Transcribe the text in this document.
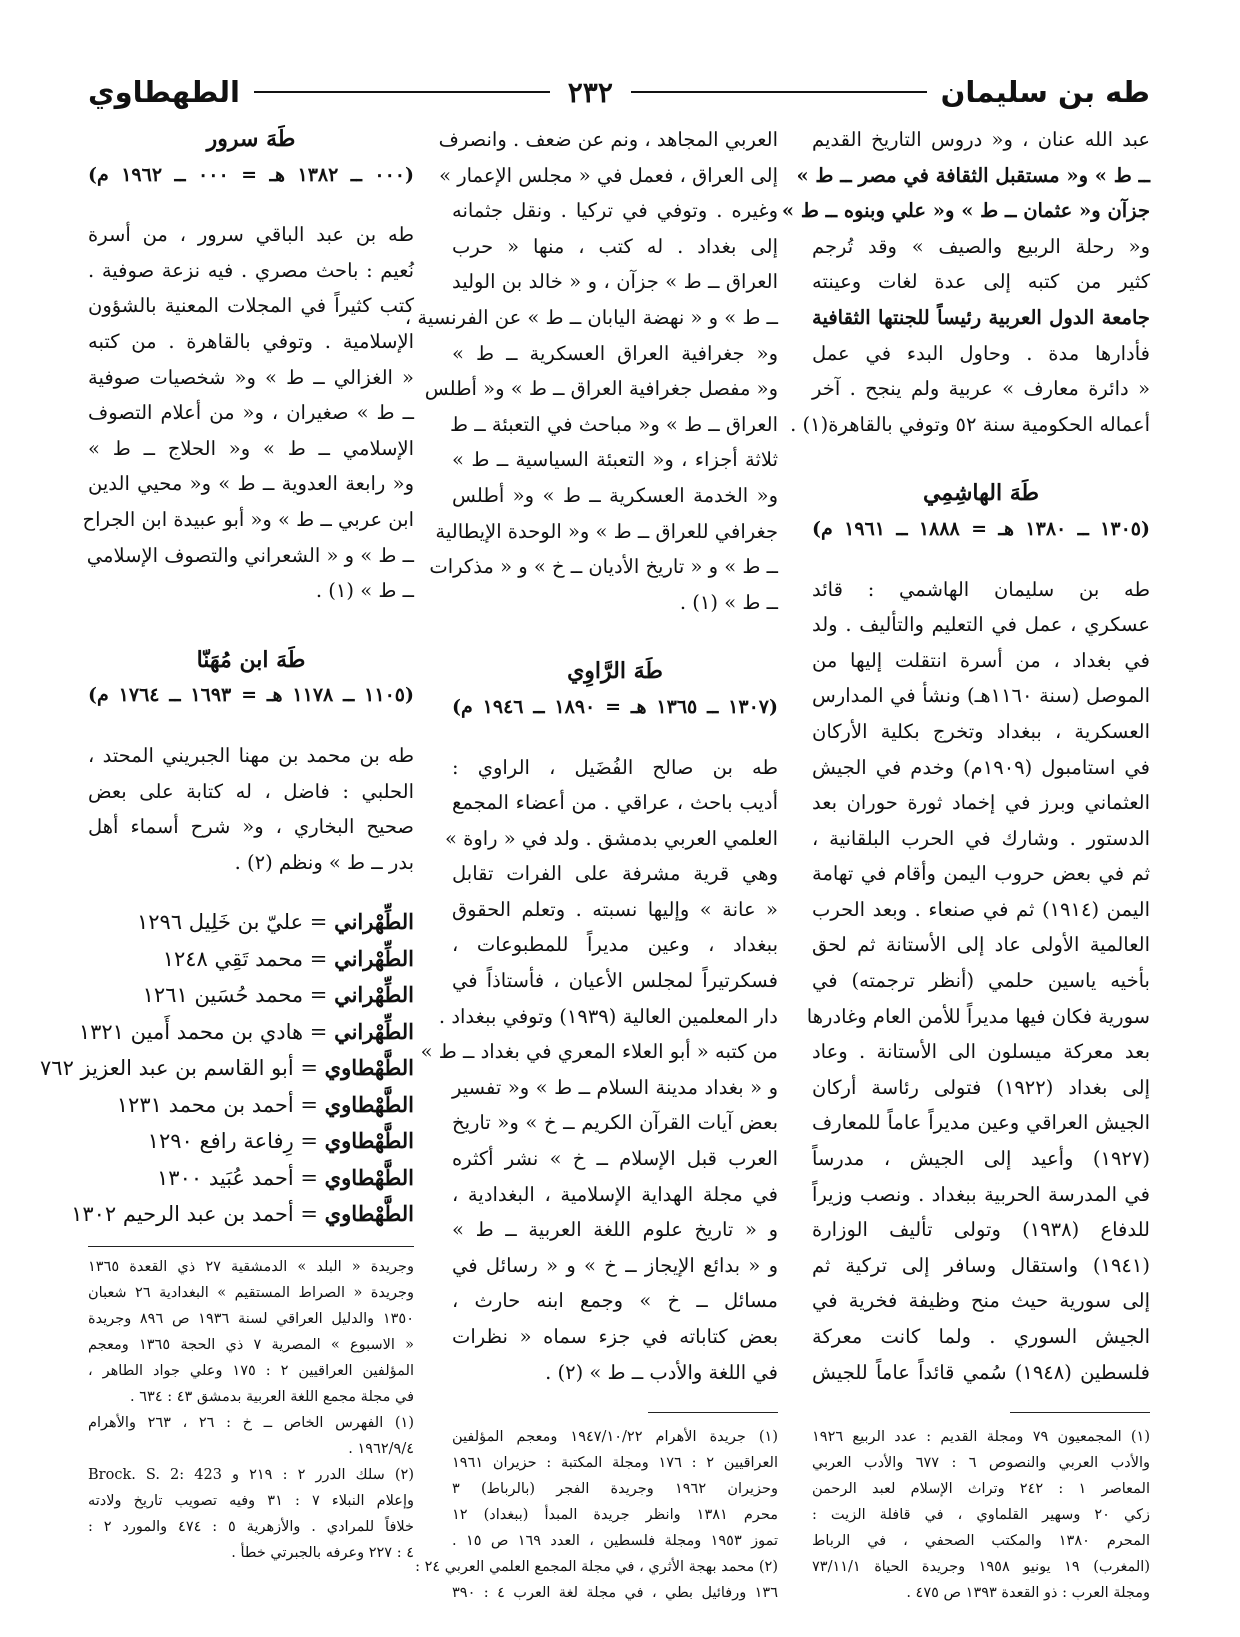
طه بن سليمان
٢٣٢
الطهطاوي
عبد الله عنان ، و« دروس التاريخ القديم
ــ ط » و« مستقبل الثقافة في مصر ــ ط »
جزآن و« عثمان ــ ط » و« علي وبنوه ــ ط »
و« رحلة الربيع والصيف » وقد تُرجم
كثير من كتبه إلى عدة لغات وعينته
جامعة الدول العربية رئيساً للجنتها الثقافية
فأدارها مدة . وحاول البدء في عمل
« دائرة معارف » عربية ولم ينجح . آخر
أعماله الحكومية سنة ٥٢ وتوفي بالقاهرة(١) .
طَهَ الهاشِمِي
(١٣٠٥ ــ ١٣٨٠ هـ = ١٨٨٨ ــ ١٩٦١ م)
طه بن سليمان الهاشمي : قائد
عسكري ، عمل في التعليم والتأليف . ولد
في بغداد ، من أسرة انتقلت إليها من
الموصل (سنة ١١٦٠هـ) ونشأ في المدارس
العسكرية ، ببغداد وتخرج بكلية الأركان
في استامبول (١٩٠٩م) وخدم في الجيش
العثماني وبرز في إخماد ثورة حوران بعد
الدستور . وشارك في الحرب البلقانية ،
ثم في بعض حروب اليمن وأقام في تهامة
اليمن (١٩١٤) ثم في صنعاء . وبعد الحرب
العالمية الأولى عاد إلى الأستانة ثم لحق
بأخيه ياسين حلمي (أنظر ترجمته) في
سورية فكان فيها مديراً للأمن العام وغادرها
بعد معركة ميسلون الى الأستانة . وعاد
إلى بغداد (١٩٢٢) فتولى رئاسة أركان
الجيش العراقي وعين مديراً عاماً للمعارف
(١٩٢٧) وأعيد إلى الجيش ، مدرساً
في المدرسة الحربية ببغداد . ونصب وزيراً
للدفاع (١٩٣٨) وتولى تأليف الوزارة
(١٩٤١) واستقال وسافر إلى تركية ثم
إلى سورية حيث منح وظيفة فخرية في
الجيش السوري . ولما كانت معركة
فلسطين (١٩٤٨) سُمي قائداً عاماً للجيش
العربي المجاهد ، ونم عن ضعف . وانصرف
إلى العراق ، فعمل في « مجلس الإعمار »
وغيره . وتوفي في تركيا . ونقل جثمانه
إلى بغداد . له كتب ، منها « حرب
العراق ــ ط » جزآن ، و « خالد بن الوليد
ــ ط » و « نهضة اليابان ــ ط » عن الفرنسية ،
و« جغرافية العراق العسكرية ــ ط »
و« مفصل جغرافية العراق ــ ط » و« أطلس
العراق ــ ط » و« مباحث في التعبئة ــ ط
ثلاثة أجزاء ، و« التعبئة السياسية ــ ط »
و« الخدمة العسكرية ــ ط » و« أطلس
جغرافي للعراق ــ ط » و« الوحدة الإيطالية
ــ ط » و « تاريخ الأديان ــ خ » و « مذكرات
ــ ط » (١) .
طَهَ الرَّاوِي
(١٣٠٧ ــ ١٣٦٥ هـ = ١٨٩٠ ــ ١٩٤٦ م)
طه بن صالح الفُضَيل ، الراوي :
أديب باحث ، عراقي . من أعضاء المجمع
العلمي العربي بدمشق . ولد في « راوة »
وهي قرية مشرفة على الفرات تقابل
« عانة » وإليها نسبته . وتعلم الحقوق
ببغداد ، وعين مديراً للمطبوعات ،
فسكرتيراً لمجلس الأعيان ، فأستاذاً في
دار المعلمين العالية (١٩٣٩) وتوفي ببغداد .
من كتبه « أبو العلاء المعري في بغداد ــ ط »
و « بغداد مدينة السلام ــ ط » و« تفسير
بعض آيات القرآن الكريم ــ خ » و« تاريخ
العرب قبل الإسلام ــ خ » نشر أكثره
في مجلة الهداية الإسلامية ، البغدادية ،
و « تاريخ علوم اللغة العربية ــ ط »
و « بدائع الإيجاز ــ خ » و « رسائل في
مسائل ــ خ » وجمع ابنه حارث ،
بعض كتاباته في جزء سماه « نظرات
في اللغة والأدب ــ ط » (٢) .
طَهَ سرور
(٠٠٠ ــ ١٣٨٢ هـ = ٠٠٠ ــ ١٩٦٢ م)
طه بن عبد الباقي سرور ، من أسرة
نُعيم : باحث مصري . فيه نزعة صوفية .
كتب كثيراً في المجلات المعنية بالشؤون
الإسلامية . وتوفي بالقاهرة . من كتبه
« الغزالي ــ ط » و« شخصيات صوفية
ــ ط » صغيران ، و« من أعلام التصوف
الإسلامي ــ ط » و« الحلاج ــ ط »
و« رابعة العدوية ــ ط » و« محيي الدين
ابن عربي ــ ط » و« أبو عبيدة ابن الجراح
ــ ط » و « الشعراني والتصوف الإسلامي
ــ ط » (١) .
طَهَ ابن مُهَنّا
(١١٠٥ ــ ١١٧٨ هـ = ١٦٩٣ ــ ١٧٦٤ م)
طه بن محمد بن مهنا الجبريني المحتد ،
الحلبي : فاضل ، له كتابة على بعض
صحيح البخاري ، و« شرح أسماء أهل
بدر ــ ط » ونظم (٢) .
الطِّهْراني = عليّ بن خَلِيل ١٢٩٦
الطِّهْراني = محمد تَقِي ١٢٤٨
الطِّهْراني = محمد حُسَين ١٢٦١
الطِّهْراني = هادي بن محمد أَمين ١٣٢١
الطَّهْطاوي = أبو القاسم بن عبد العزيز ٧٦٢
الطَّهْطاوي = أحمد بن محمد ١٢٣١
الطَّهْطاوي = رِفاعة رافع ١٢٩٠
الطَّهْطاوي = أحمد عُبَيد ١٣٠٠
الطَّهْطاوي = أحمد بن عبد الرحيم ١٣٠٢
(١) المجمعيون ٧٩ ومجلة القديم : عدد الربيع ١٩٢٦
والأدب العربي والنصوص ٦ : ٦٧٧ والأدب العربي
المعاصر ١ : ٢٤٢ وتراث الإسلام لعبد الرحمن
زكي ٢٠ وسهير القلماوي ، في قافلة الزيت :
المحرم ١٣٨٠ والمكتب الصحفي ، في الرباط
(المغرب) ١٩ يونيو ١٩٥٨ وجريدة الحياة ٧٣/١١/١
ومجلة العرب : ذو القعدة ١٣٩٣ ص ٤٧٥ .
(١) جريدة الأهرام ١٩٤٧/١٠/٢٢ ومعجم المؤلفين
العراقيين ٢ : ١٧٦ ومجلة المكتبة : حزيران ١٩٦١
وحزيران ١٩٦٢ وجريدة الفجر (بالرباط) ٣
محرم ١٣٨١ وانظر جريدة المبدأ (ببغداد) ١٢
تموز ١٩٥٣ ومجلة فلسطين ، العدد ١٦٩ ص ١٥ .
(٢) محمد بهجة الأثري ، في مجلة المجمع العلمي العربي ٢٤ :
١٣٦ ورفائيل بطي ، في مجلة لغة العرب ٤ : ٣٩٠
وجريدة « البلد » الدمشقية ٢٧ ذي القعدة ١٣٦٥
وجريدة « الصراط المستقيم » البغدادية ٢٦ شعبان
١٣٥٠ والدليل العراقي لسنة ١٩٣٦ ص ٨٩٦ وجريدة
« الاسبوع » المصرية ٧ ذي الحجة ١٣٦٥ ومعجم
المؤلفين العراقيين ٢ : ١٧٥ وعلي جواد الطاهر ،
في مجلة مجمع اللغة العربية بدمشق ٤٣ : ٦٣٤ .
(١) الفهرس الخاص ــ خ : ٢٦ ، ٢٦٣ والأهرام
١٩٦٢/٩/٤ .
(٢) سلك الدرر ٢ : ٢١٩ و Brock. S. 2: 423
وإعلام النبلاء ٧ : ٣١ وفيه تصويب تاريخ ولادته
خلافاً للمرادي . والأزهرية ٥ : ٤٧٤ والمورد ٢ :
٤ : ٢٢٧ وعرفه بالجبرتي خطأ .
